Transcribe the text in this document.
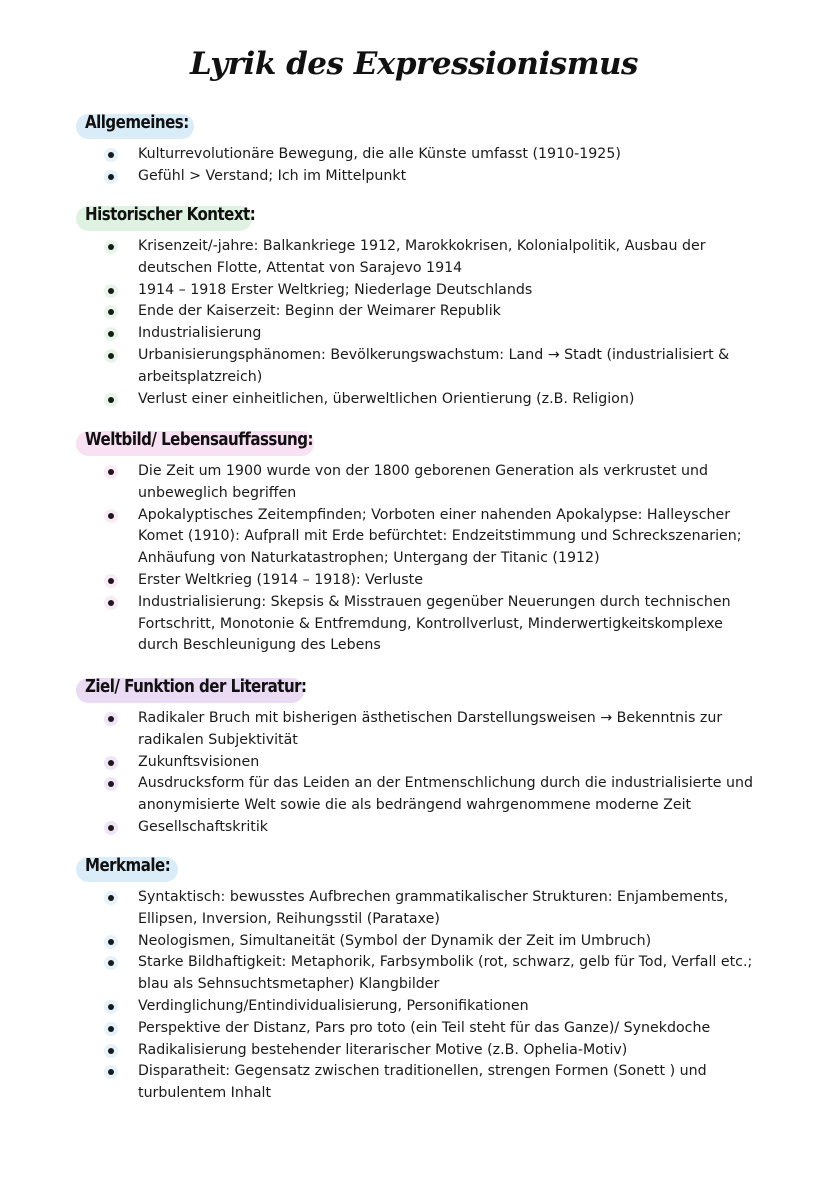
Lyrik des Expressionismus
Allgemeines:
Kulturrevolutionäre Bewegung, die alle Künste umfasst (1910-1925)
Gefühl > Verstand; Ich im Mittelpunkt
Historischer Kontext:
Krisenzeit/-jahre: Balkankriege 1912, Marokkokrisen, Kolonialpolitik, Ausbau der deutschen Flotte, Attentat von Sarajevo 1914
1914 – 1918 Erster Weltkrieg; Niederlage Deutschlands
Ende der Kaiserzeit: Beginn der Weimarer Republik
Industrialisierung
Urbanisierungsphänomen: Bevölkerungswachstum: Land → Stadt (industrialisiert & arbeitsplatzreich)
Verlust einer einheitlichen, überweltlichen Orientierung (z.B. Religion)
Weltbild/ Lebensauffassung:
Die Zeit um 1900 wurde von der 1800 geborenen Generation als verkrustet und unbeweglich begriffen
Apokalyptisches Zeitempfinden; Vorboten einer nahenden Apokalypse: Halleyscher Komet (1910): Aufprall mit Erde befürchtet: Endzeitstimmung und Schreckszenarien; Anhäufung von Naturkatastrophen; Untergang der Titanic (1912)
Erster Weltkrieg (1914 – 1918): Verluste
Industrialisierung: Skepsis & Misstrauen gegenüber Neuerungen durch technischen Fortschritt, Monotonie & Entfremdung, Kontrollverlust, Minderwertigkeitskomplexe durch Beschleunigung des Lebens
Ziel/ Funktion der Literatur:
Radikaler Bruch mit bisherigen ästhetischen Darstellungsweisen → Bekenntnis zur radikalen Subjektivität
Zukunftsvisionen
Ausdrucksform für das Leiden an der Entmenschlichung durch die industrialisierte und anonymisierte Welt sowie die als bedrängend wahrgenommene moderne Zeit
Gesellschaftskritik
Merkmale:
Syntaktisch: bewusstes Aufbrechen grammatikalischer Strukturen: Enjambements, Ellipsen, Inversion, Reihungsstil (Parataxe)
Neologismen, Simultaneität (Symbol der Dynamik der Zeit im Umbruch)
Starke Bildhaftigkeit: Metaphorik, Farbsymbolik (rot, schwarz, gelb für Tod, Verfall etc.; blau als Sehnsuchtsmetapher) Klangbilder
Verdinglichung/Entindividualisierung, Personifikationen
Perspektive der Distanz, Pars pro toto (ein Teil steht für das Ganze)/ Synekdoche
Radikalisierung bestehender literarischer Motive (z.B. Ophelia-Motiv)
Disparatheit: Gegensatz zwischen traditionellen, strengen Formen (Sonett ) und turbulentem Inhalt
